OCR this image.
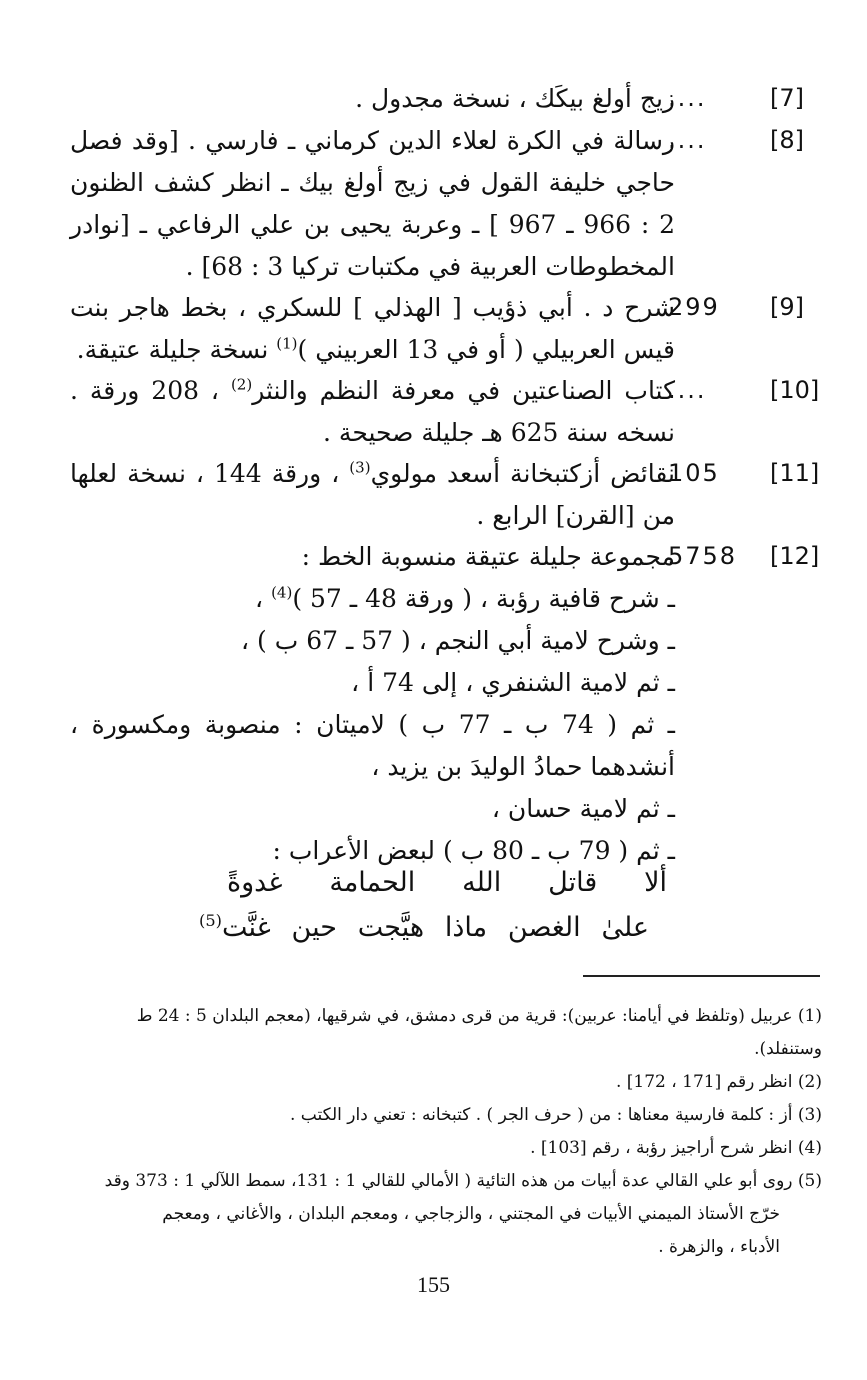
[7]
....

زيج أولغ بيكَك ، نسخة مجدول .

[8]
....

رسالة في الكرة لعلاء الدين كرماني ـ فارسي . [وقد فصل حاجي خليفة القول في زيج أولغ بيك ـ انظر كشف الظنون 2 : 966 ـ 967 ] ـ وعربة يحيى بن علي الرفاعي ـ [نوادر المخطوطات العربية في مكتبات تركيا 3 : 68] .

[9]
299

شرح د . أبي ذؤيب [ الهذلي ] للسكري ، بخط هاجر بنت قيس العربيلي ( أو في 13 العربيني )$^{(1)}$ نسخة جليلة عتيقة.

[10]
....

كتاب الصناعتين في معرفة النظم والنثر$^{(2)}$ ، 208 ورقة . نسخه سنة 625 هـ جليلة صحيحة .

[11]
105

نقائض أزكتبخانة أسعد مولوي$^{(3)}$ ، ورقة 144 ، نسخة لعلها من [القرن] الرابع .

[12]
5758

مجموعة جليلة عتيقة منسوبة الخط :

ـ شرح قافية رؤبة ، ( ورقة 48 ـ 57 )$^{(4)}$ ،

ـ وشرح لامية أبي النجم ، ( 57 ـ 67 ب ) ،

ـ ثم لامية الشنفري ، إلى 74 أ ،

ـ ثم ( 74 ب ـ 77 ب ) لاميتان : منصوبة ومكسورة ، أنشدهما حمادُ الوليدَ بن يزيد ،

ـ ثم لامية حسان ،

ـ ثم ( 79 ب ـ 80 ب ) لبعض الأعراب :

ألا قاتل الله الحمامة غدوةً
علىٰ الغصن ماذا هيَّجت حين غنَّت$^{(5)}$

(1) عربيل (وتلفظ في أيامنا: عربين): قرية من قرى دمشق، في شرقيها، (معجم البلدان 5 : 24 ط وستنفلد).

(2) انظر رقم [171 ، 172] .

(3) أز : كلمة فارسية معناها : من ( حرف الجر ) . كتبخانه : تعني دار الكتب .

(4) انظر شرح أراجيز رؤبة ، رقم [103] .

(5) روى أبو علي القالي عدة أبيات من هذه التائية ( الأمالي للقالي 1 : 131، سمط اللآلي 1 : 373 وقد

خرّج الأستاذ الميمني الأبيات في المجتني ، والزجاجي ، ومعجم البلدان ، والأغاني ، ومعجم

الأدباء ، والزهرة .

155
